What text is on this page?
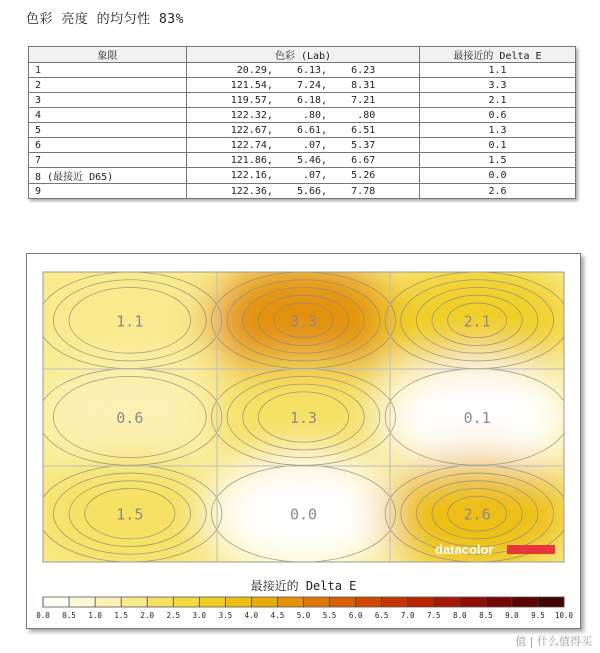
色彩 亮度 的均匀性 83%
象限	色彩 (Lab)	最接近的 Delta E
1	20.29,    6.13,    6.23	1.1
2	121.54,    7.24,    8.31	3.3
3	119.57,    6.18,    7.21	2.1
4	122.32,     .80,     .80	0.6
5	122.67,    6.61,    6.51	1.3
6	122.74,     .07,    5.37	0.1
7	121.86,    5.46,    6.67	1.5
8 (最接近 D65)	122.16,     .07,    5.26	0.0
9	122.36,    5.66,    7.78	2.6
1.1	3.3	2.1
0.6	1.3	0.1
1.5	0.0	2.6
datacolor
最接近的 Delta E
0.0 0.5 1.0 1.5 2.0 2.5 3.0 3.5 4.0 4.5 5.0 5.5 6.0 6.5 7.0 7.5 8.0 8.5 9.0 9.5 10.0
值 | 什么值得买
